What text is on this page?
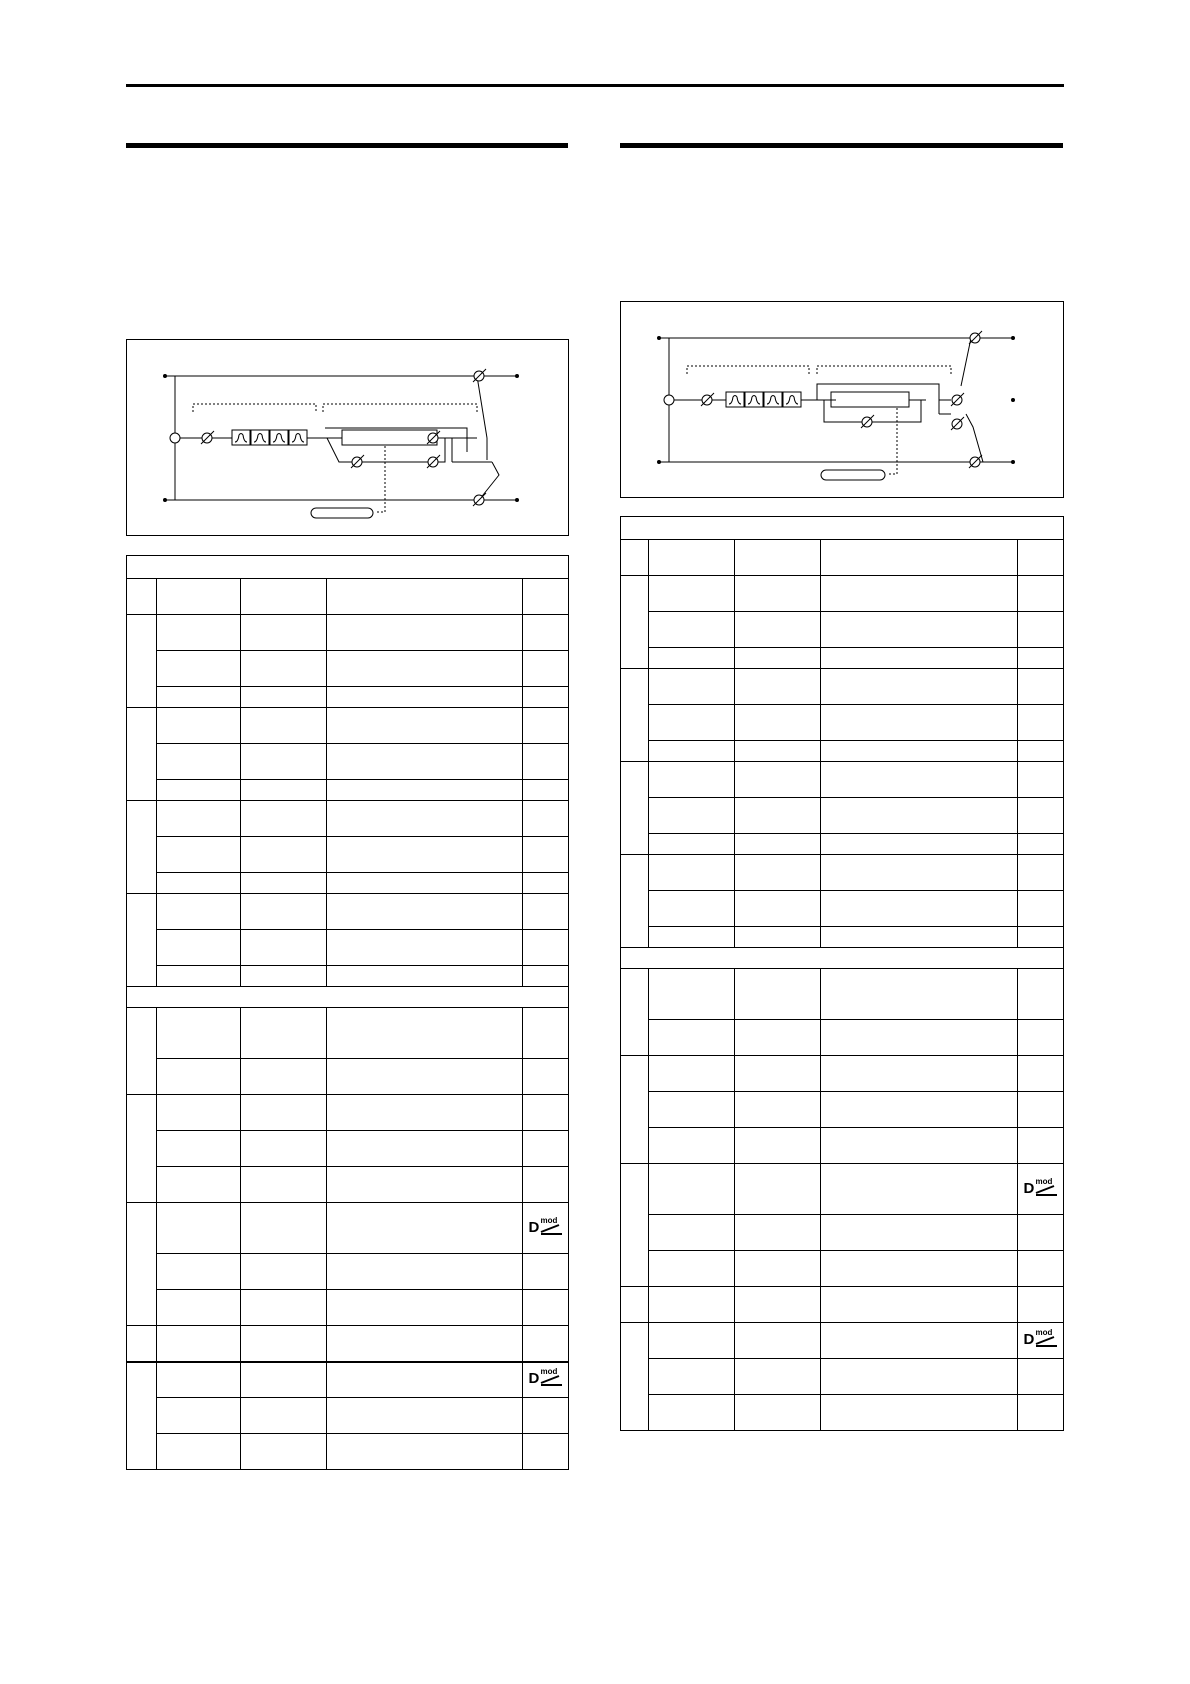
				D mod

				D mod

				D mod

				D mod
